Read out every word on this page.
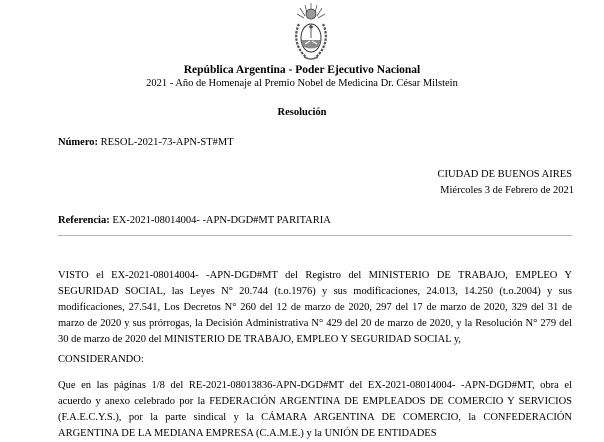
República Argentina - Poder Ejecutivo Nacional
2021 - Año de Homenaje al Premio Nobel de Medicina Dr. César Milstein
Resolución
Número: RESOL-2021-73-APN-ST#MT
CIUDAD DE BUENOS AIRES
Miércoles 3 de Febrero de 2021
Referencia: EX-2021-08014004- -APN-DGD#MT PARITARIA
VISTO el EX-2021-08014004- -APN-DGD#MT del Registro del MINISTERIO DE TRABAJO, EMPLEO Y SEGURIDAD SOCIAL, las Leyes N° 20.744 (t.o.1976) y sus modificaciones, 24.013, 14.250 (t.o.2004) y sus modificaciones, 27.541, Los Decretos N° 260 del 12 de marzo de 2020, 297 del 17 de marzo de 2020, 329 del 31 de marzo de 2020 y sus prórrogas, la Decisión Administrativa N° 429 del 20 de marzo de 2020, y la Resolución N° 279 del 30 de marzo de 2020 del MINISTERIO DE TRABAJO, EMPLEO Y SEGURIDAD SOCIAL y,
CONSIDERANDO:
Que en las páginas 1/8 del RE-2021-08013836-APN-DGD#MT del EX-2021-08014004- -APN-DGD#MT, obra el acuerdo y anexo celebrado por la FEDERACIÓN ARGENTINA DE EMPLEADOS DE COMERCIO Y SERVICIOS (F.A.E.C.Y.S.), por la parte sindical y la CÁMARA ARGENTINA DE COMERCIO, la CONFEDERACIÓN ARGENTINA DE LA MEDIANA EMPRESA (C.A.M.E.) y la UNIÓN DE ENTIDADES
